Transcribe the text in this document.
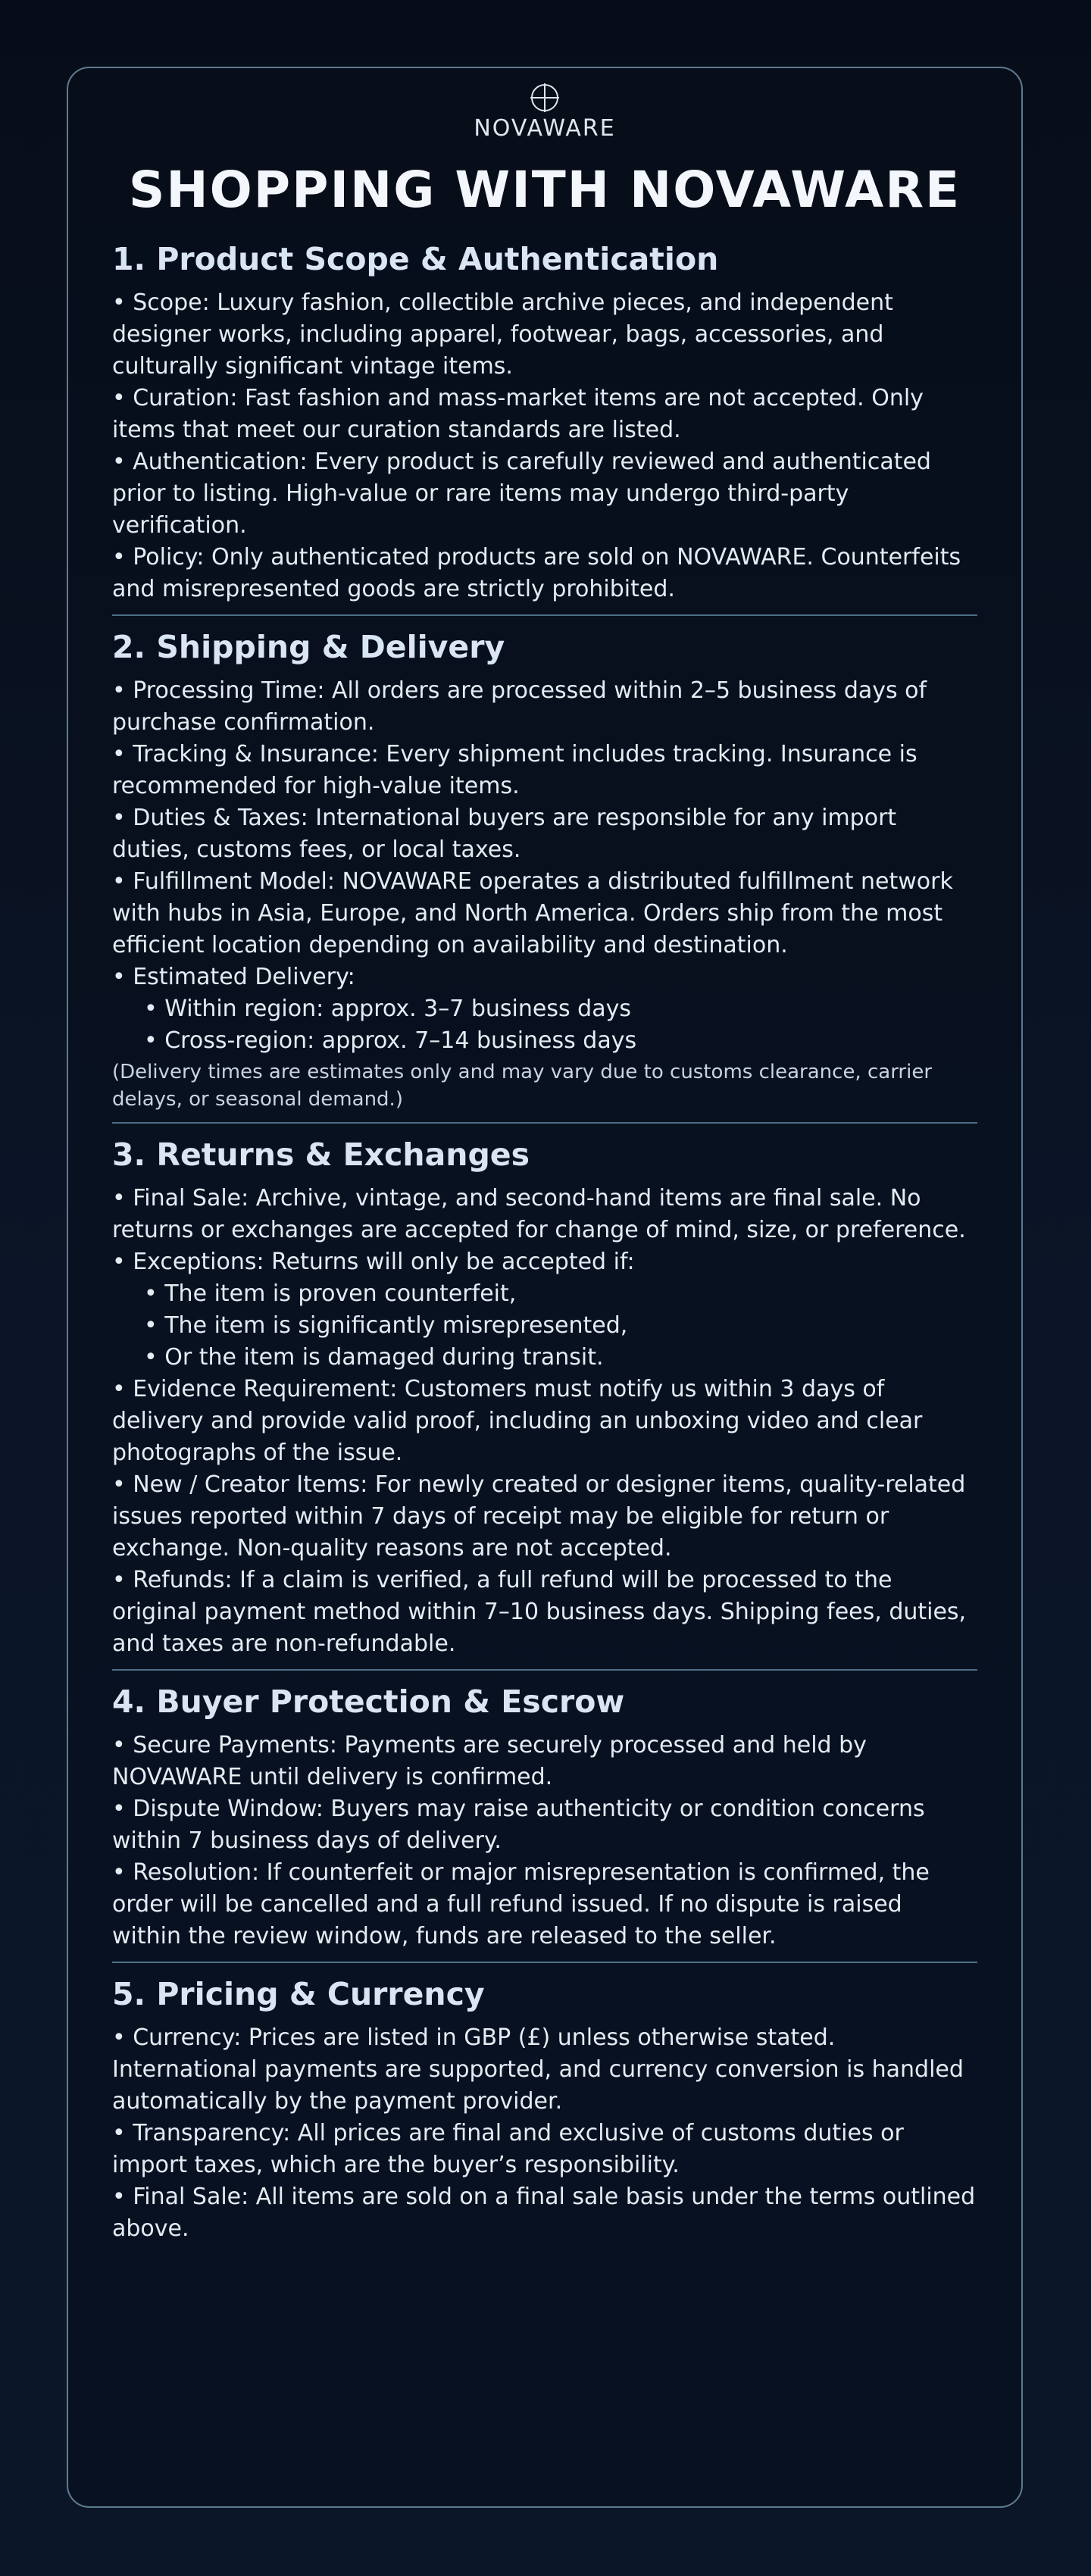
NOVAWARE
SHOPPING WITH NOVAWARE
1. Product Scope & Authentication

• Scope: Luxury fashion, collectible archive pieces, and independent designer works, including apparel, footwear, bags, accessories, and culturally significant vintage items.

• Curation: Fast fashion and mass-market items are not accepted. Only items that meet our curation standards are listed.

• Authentication: Every product is carefully reviewed and authenticated prior to listing. High-value or rare items may undergo third-party verification.

• Policy: Only authenticated products are sold on NOVAWARE. Counterfeits and misrepresented goods are strictly prohibited.

2. Shipping & Delivery

• Processing Time: All orders are processed within 2–5 business days of purchase confirmation.

• Tracking & Insurance: Every shipment includes tracking. Insurance is recommended for high-value items.

• Duties & Taxes: International buyers are responsible for any import duties, customs fees, or local taxes.

• Fulfillment Model: NOVAWARE operates a distributed fulfillment network with hubs in Asia, Europe, and North America. Orders ship from the most efficient location depending on availability and destination.

• Estimated Delivery:

• Within region: approx. 3–7 business days

• Cross-region: approx. 7–14 business days

(Delivery times are estimates only and may vary due to customs clearance, carrier delays, or seasonal demand.)

3. Returns & Exchanges

• Final Sale: Archive, vintage, and second-hand items are final sale. No returns or exchanges are accepted for change of mind, size, or preference.

• Exceptions: Returns will only be accepted if:

• The item is proven counterfeit,

• The item is significantly misrepresented,

• Or the item is damaged during transit.

• Evidence Requirement: Customers must notify us within 3 days of delivery and provide valid proof, including an unboxing video and clear photographs of the issue.

• New / Creator Items: For newly created or designer items, quality-related issues reported within 7 days of receipt may be eligible for return or exchange. Non-quality reasons are not accepted.

• Refunds: If a claim is verified, a full refund will be processed to the original payment method within 7–10 business days. Shipping fees, duties, and taxes are non-refundable.

4. Buyer Protection & Escrow

• Secure Payments: Payments are securely processed and held by NOVAWARE until delivery is confirmed.

• Dispute Window: Buyers may raise authenticity or condition concerns within 7 business days of delivery.

• Resolution: If counterfeit or major misrepresentation is confirmed, the order will be cancelled and a full refund issued. If no dispute is raised within the review window, funds are released to the seller.

5. Pricing & Currency

• Currency: Prices are listed in GBP (£) unless otherwise stated. International payments are supported, and currency conversion is handled automatically by the payment provider.

• Transparency: All prices are final and exclusive of customs duties or import taxes, which are the buyer’s responsibility.

• Final Sale: All items are sold on a final sale basis under the terms outlined above.
